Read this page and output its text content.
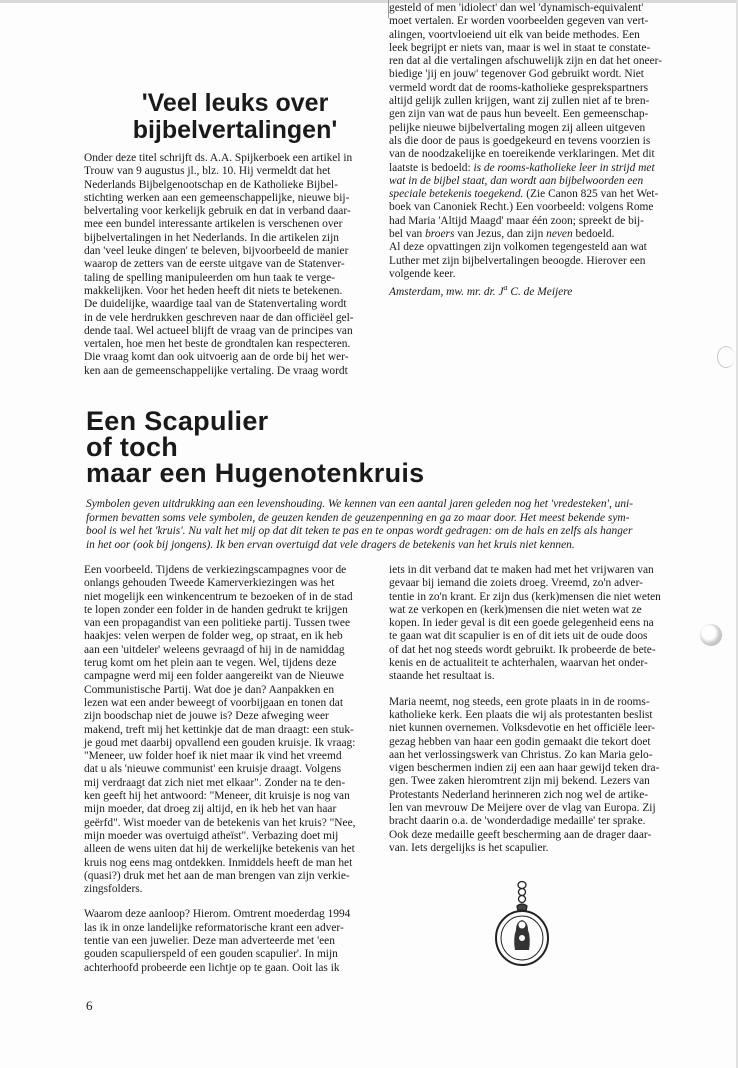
'Veel leuks over
bijbelvertalingen'

Onder deze titel schrijft ds. A.A. Spijkerboek een artikel in

Trouw van 9 augustus jl., blz. 10. Hij vermeldt dat het

Nederlands Bijbelgenootschap en de Katholieke Bijbel-

stichting werken aan een gemeenschappelijke, nieuwe bij-

belvertaling voor kerkelijk gebruik en dat in verband daar-

mee een bundel interessante artikelen is verschenen over

bijbelvertalingen in het Nederlands. In die artikelen zijn

dan 'veel leuke dingen' te beleven, bijvoorbeeld de manier

waarop de zetters van de eerste uitgave van de Statenver-

taling de spelling manipuleerden om hun taak te verge-

makkelijken. Voor het heden heeft dit niets te betekenen.

De duidelijke, waardige taal van de Statenvertaling wordt

in de vele herdrukken geschreven naar de dan officiëel gel-

dende taal. Wel actueel blijft de vraag van de principes van

vertalen, hoe men het beste de grondtalen kan respecteren.

Die vraag komt dan ook uitvoerig aan de orde bij het wer-

ken aan de gemeenschappelijke vertaling. De vraag wordt

gesteld of men 'idiolect' dan wel 'dynamisch-equivalent'

moet vertalen. Er worden voorbeelden gegeven van vert-

alingen, voortvloeiend uit elk van beide methodes. Een

leek begrijpt er niets van, maar is wel in staat te constate-

ren dat al die vertalingen afschuwelijk zijn en dat het oneer-

biedige 'jij en jouw' tegenover God gebruikt wordt. Niet

vermeld wordt dat de rooms-katholieke gesprekspartners

altijd gelijk zullen krijgen, want zij zullen niet af te bren-

gen zijn van wat de paus hun beveelt. Een gemeenschap-

pelijke nieuwe bijbelvertaling mogen zij alleen uitgeven

als die door de paus is goedgekeurd en tevens voorzien is

van de noodzakelijke en toereikende verklaringen. Met dit

laatste is bedoeld: is de rooms-katholieke leer in strijd met

wat in de bijbel staat, dan wordt aan bijbelwoorden een

speciale betekenis toegekend. (Zie Canon 825 van het Wet-

boek van Canoniek Recht.) Een voorbeeld: volgens Rome

had Maria 'Altijd Maagd' maar één zoon; spreekt de bij-

bel van broers van Jezus, dan zijn neven bedoeld.

Al deze opvattingen zijn volkomen tegengesteld aan wat

Luther met zijn bijbelvertalingen beoogde. Hierover een

volgende keer.

Amsterdam, mw. mr. dr. $J^a$ C. de Meijere

Een Scapulier
of toch
maar een Hugenotenkruis

Symbolen geven uitdrukking aan een levenshouding. We kennen van een aantal jaren geleden nog het 'vredesteken', uni-

formen bevatten soms vele symbolen, de geuzen kenden de geuzenpenning en ga zo maar door. Het meest bekende sym-

bool is wel het 'kruis'. Nu valt het mij op dat dit teken te pas en te onpas wordt gedragen: om de hals en zelfs als hanger

in het oor (ook bij jongens). Ik ben ervan overtuigd dat vele dragers de betekenis van het kruis niet kennen.

Een voorbeeld. Tijdens de verkiezingscampagnes voor de

onlangs gehouden Tweede Kamerverkiezingen was het

niet mogelijk een winkencentrum te bezoeken of in de stad

te lopen zonder een folder in de handen gedrukt te krijgen

van een propagandist van een politieke partij. Tussen twee

haakjes: velen werpen de folder weg, op straat, en ik heb

aan een 'uitdeler' weleens gevraagd of hij in de namiddag

terug komt om het plein aan te vegen. Wel, tijdens deze

campagne werd mij een folder aangereikt van de Nieuwe

Communistische Partij. Wat doe je dan? Aanpakken en

lezen wat een ander beweegt of voorbijgaan en tonen dat

zijn boodschap niet de jouwe is? Deze afweging weer

makend, treft mij het kettinkje dat de man draagt: een stuk-

je goud met daarbij opvallend een gouden kruisje. Ik vraag:

"Meneer, uw folder hoef ik niet maar ik vind het vreemd

dat u als 'nieuwe communist' een kruisje draagt. Volgens

mij verdraagt dat zich niet met elkaar". Zonder na te den-

ken geeft hij het antwoord: "Meneer, dit kruisje is nog van

mijn moeder, dat droeg zij altijd, en ik heb het van haar

geërfd". Wist moeder van de betekenis van het kruis? "Nee,

mijn moeder was overtuigd atheïst". Verbazing doet mij

alleen de wens uiten dat hij de werkelijke betekenis van het

kruis nog eens mag ontdekken. Inmiddels heeft de man het

(quasi?) druk met het aan de man brengen van zijn verkie-

zingsfolders.

Waarom deze aanloop? Hierom. Omtrent moederdag 1994

las ik in onze landelijke reformatorische krant een adver-

tentie van een juwelier. Deze man adverteerde met 'een

gouden scapulierspeld of een gouden scapulier'. In mijn

achterhoofd probeerde een lichtje op te gaan. Ooit las ik

iets in dit verband dat te maken had met het vrijwaren van

gevaar bij iemand die zoiets droeg. Vreemd, zo'n adver-

tentie in zo'n krant. Er zijn dus (kerk)mensen die niet weten

wat ze verkopen en (kerk)mensen die niet weten wat ze

kopen. In ieder geval is dit een goede gelegenheid eens na

te gaan wat dit scapulier is en of dit iets uit de oude doos

of dat het nog steeds wordt gebruikt. Ik probeerde de bete-

kenis en de actualiteit te achterhalen, waarvan het onder-

staande het resultaat is.

Maria neemt, nog steeds, een grote plaats in in de rooms-

katholieke kerk. Een plaats die wij als protestanten beslist

niet kunnen overnemen. Volksdevotie en het officiële leer-

gezag hebben van haar een godin gemaakt die tekort doet

aan het verlossingswerk van Christus. Zo kan Maria gelo-

vigen beschermen indien zij een aan haar gewijd teken dra-

gen. Twee zaken hieromtrent zijn mij bekend. Lezers van

Protestants Nederland herinneren zich nog wel de artike-

len van mevrouw De Meijere over de vlag van Europa. Zij

bracht daarin o.a. de 'wonderdadige medaille' ter sprake.

Ook deze medaille geeft bescherming aan de drager daar-

van. Iets dergelijks is het scapulier.

6
